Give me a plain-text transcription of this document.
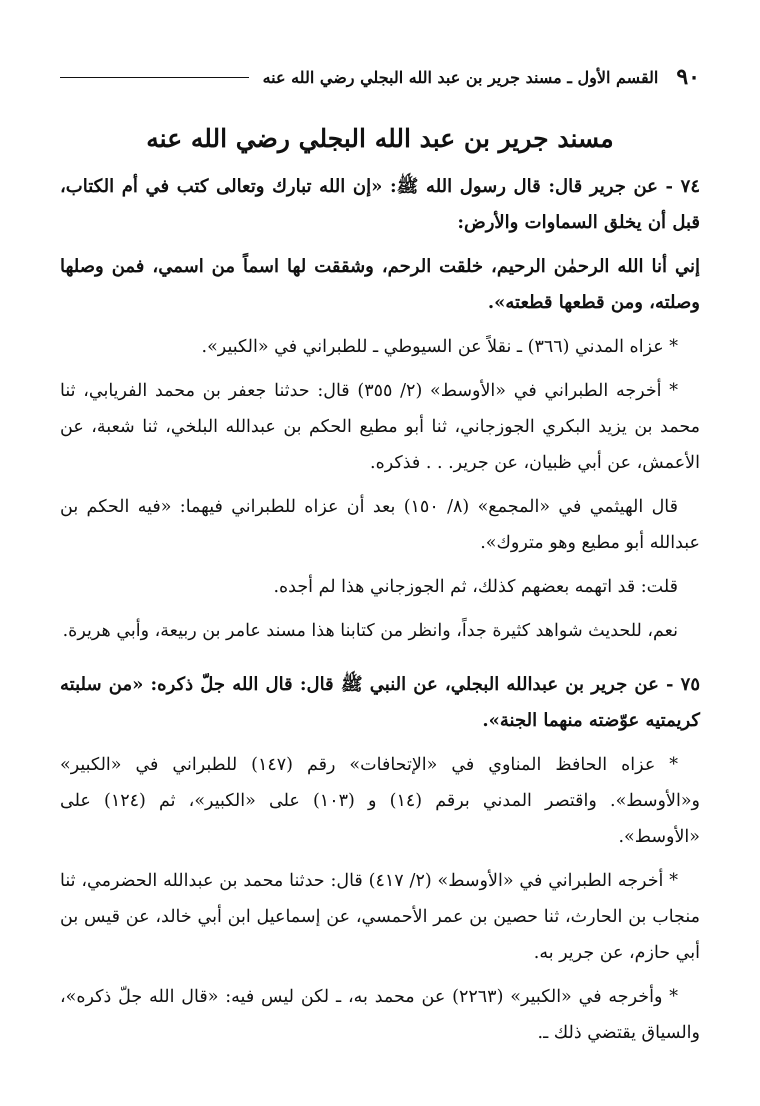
٩٠
القسم الأول ـ مسند جرير بن عبد الله البجلي رضي الله عنه
مسند جرير بن عبد الله البجلي رضي الله عنه

٧٤ - عن جرير قال: قال رسول الله ﷺ: «إن الله تبارك وتعالى كتب في أم الكتاب، قبل أن يخلق السماوات والأرض:

إني أنا الله الرحمٰن الرحيم، خلقت الرحم، وشققت لها اسماً من اسمي، فمن وصلها وصلته، ومن قطعها قطعته».

* عزاه المدني (٣٦٦) ـ نقلاً عن السيوطي ـ للطبراني في «الكبير».

* أخرجه الطبراني في «الأوسط» (٢/ ٣٥٥) قال: حدثنا جعفر بن محمد الفريابي، ثنا محمد بن يزيد البكري الجوزجاني، ثنا أبو مطيع الحكم بن عبدالله البلخي، ثنا شعبة، عن الأعمش، عن أبي ظبيان، عن جرير. . . فذكره.

قال الهيثمي في «المجمع» (٨/ ١٥٠) بعد أن عزاه للطبراني فيهما: «فيه الحكم بن عبدالله أبو مطيع وهو متروك».

قلت: قد اتهمه بعضهم كذلك، ثم الجوزجاني هذا لم أجده.

نعم، للحديث شواهد كثيرة جداً، وانظر من كتابنا هذا مسند عامر بن ربيعة، وأبي هريرة.

٧٥ - عن جرير بن عبدالله البجلي، عن النبي ﷺ قال: قال الله جلّ ذكره: «من سلبته كريمتيه عوّضته منهما الجنة».

* عزاه الحافظ المناوي في «الإتحافات» رقم (١٤٧) للطبراني في «الكبير» و«الأوسط». واقتصر المدني برقم (١٤) و (١٠٣) على «الكبير»، ثم (١٢٤) على «الأوسط».

* أخرجه الطبراني في «الأوسط» (٢/ ٤١٧) قال: حدثنا محمد بن عبدالله الحضرمي، ثنا منجاب بن الحارث، ثنا حصين بن عمر الأحمسي، عن إسماعيل ابن أبي خالد، عن قيس بن أبي حازم، عن جرير به.

* وأخرجه في «الكبير» (٢٢٦٣) عن محمد به، ـ لكن ليس فيه: «قال الله جلّ ذكره»، والسياق يقتضي ذلك ـ.
